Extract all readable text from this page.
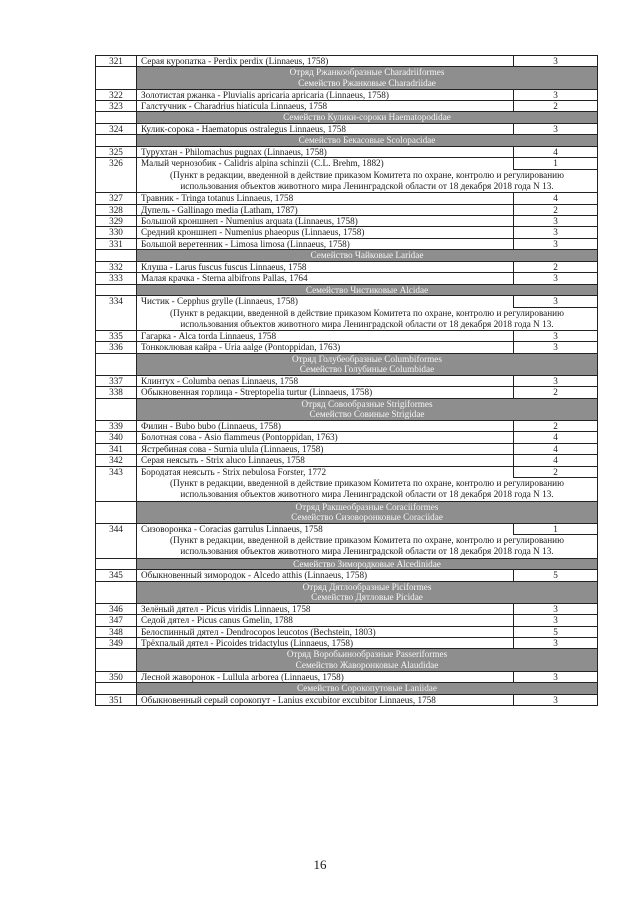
321	Серая куропатка - Perdix perdix (Linnaeus, 1758)	3

	Отряд Ржанкообразные Charadriiformes
Семейство Ржанковые Charadriidae	

322	Золотистая ржанка - Pluvialis apricaria apricaria (Linnaeus, 1758)	3
323	Галстучник - Charadrius hiaticula Linnaeus, 1758	2

	Семейство Кулики-сороки Haematopodidae	

324	Кулик-сорока - Haematopus ostralegus Linnaeus, 1758	3

	Семейство Бекасовые Scolopacidae	

325	Турухтан - Philomachus pugnax (Linnaeus, 1758)	4
326	Малый чернозобик - Calidris alpina schinzii (C.L. Brehm, 1882)	1
	(Пункт в редакции, введенной в действие приказом Комитета по охране, контролю и регулированию использования объектов животного мира Ленинградской области от 18 декабря 2018 года N 13.	
327	Травник - Tringa totanus Linnaeus, 1758	4
328	Дупель - Gallinago media (Latham, 1787)	2
329	Большой кроншнеп - Numenius arquata (Linnaeus, 1758)	3
330	Средний кроншнеп - Numenius phaeopus (Linnaeus, 1758)	3
331	Большой веретенник - Limosa limosa (Linnaeus, 1758)	3

	Семейство Чайковые Laridae	

332	Клуша - Larus fuscus fuscus Linnaeus, 1758	2
333	Малая крачка - Sterna albifrons Pallas, 1764	3

	Семейство Чистиковые Alcidae	

334	Чистик - Cepphus grylle (Linnaeus, 1758)	3
	(Пункт в редакции, введенной в действие приказом Комитета по охране, контролю и регулированию использования объектов животного мира Ленинградской области от 18 декабря 2018 года N 13.	
335	Гагарка - Alca torda Linnaeus, 1758	3
336	Тонкоклювая кайра - Uria aalge (Pontoppidan, 1763)	3

	Отряд Голубеобразные Columbiformes
Семейство Голубиные Columbidae	

337	Клинтух - Columba oenas Linnaeus, 1758	3
338	Обыкновенная горлица - Streptopelia turtur (Linnaeus, 1758)	2

	Отряд Совообразные Strigiformes
Семейство Совиные Strigidae	

339	Филин - Bubo bubo (Linnaeus, 1758)	2
340	Болотная сова - Asio flammeus (Pontoppidan, 1763)	4
341	Ястребиная сова - Surnia ulula (Linnaeus, 1758)	4
342	Серая неясыть - Strix aluco Linnaeus, 1758	4
343	Бородатая неясыть - Strix nebulosa Forster, 1772	2
	(Пункт в редакции, введенной в действие приказом Комитета по охране, контролю и регулированию использования объектов животного мира Ленинградской области от 18 декабря 2018 года N 13.	

	Отряд Ракшеобразные Coraciiformes
Семейство Сизоворонковые Coraciidae	

344	Сизоворонка - Coracias garrulus Linnaeus, 1758	1
	(Пункт в редакции, введенной в действие приказом Комитета по охране, контролю и регулированию использования объектов животного мира Ленинградской области от 18 декабря 2018 года N 13.	

	Семейство Зимородковые Alcedinidae	

345	Обыкновенный зимородок - Alcedo atthis (Linnaeus, 1758)	5

	Отряд Дятлообразные Piciformes
Семейство Дятловые Picidae	

346	Зелёный дятел - Picus viridis Linnaeus, 1758	3
347	Седой дятел - Picus canus Gmelin, 1788	3
348	Белоспинный дятел - Dendrocopos leucotos (Bechstein, 1803)	5
349	Трёхпалый дятел - Picoides tridactylus (Linnaeus, 1758)	3

	Отряд Воробьинообразные Passeriformes
Семейство Жаворонковые Alaudidae	

350	Лесной жаворонок - Lullula arborea (Linnaeus, 1758)	3

	Семейство Сорокопутовые Laniidae	

351	Обыкновенный серый сорокопут - Lanius excubitor excubitor Linnaeus, 1758	3
16
